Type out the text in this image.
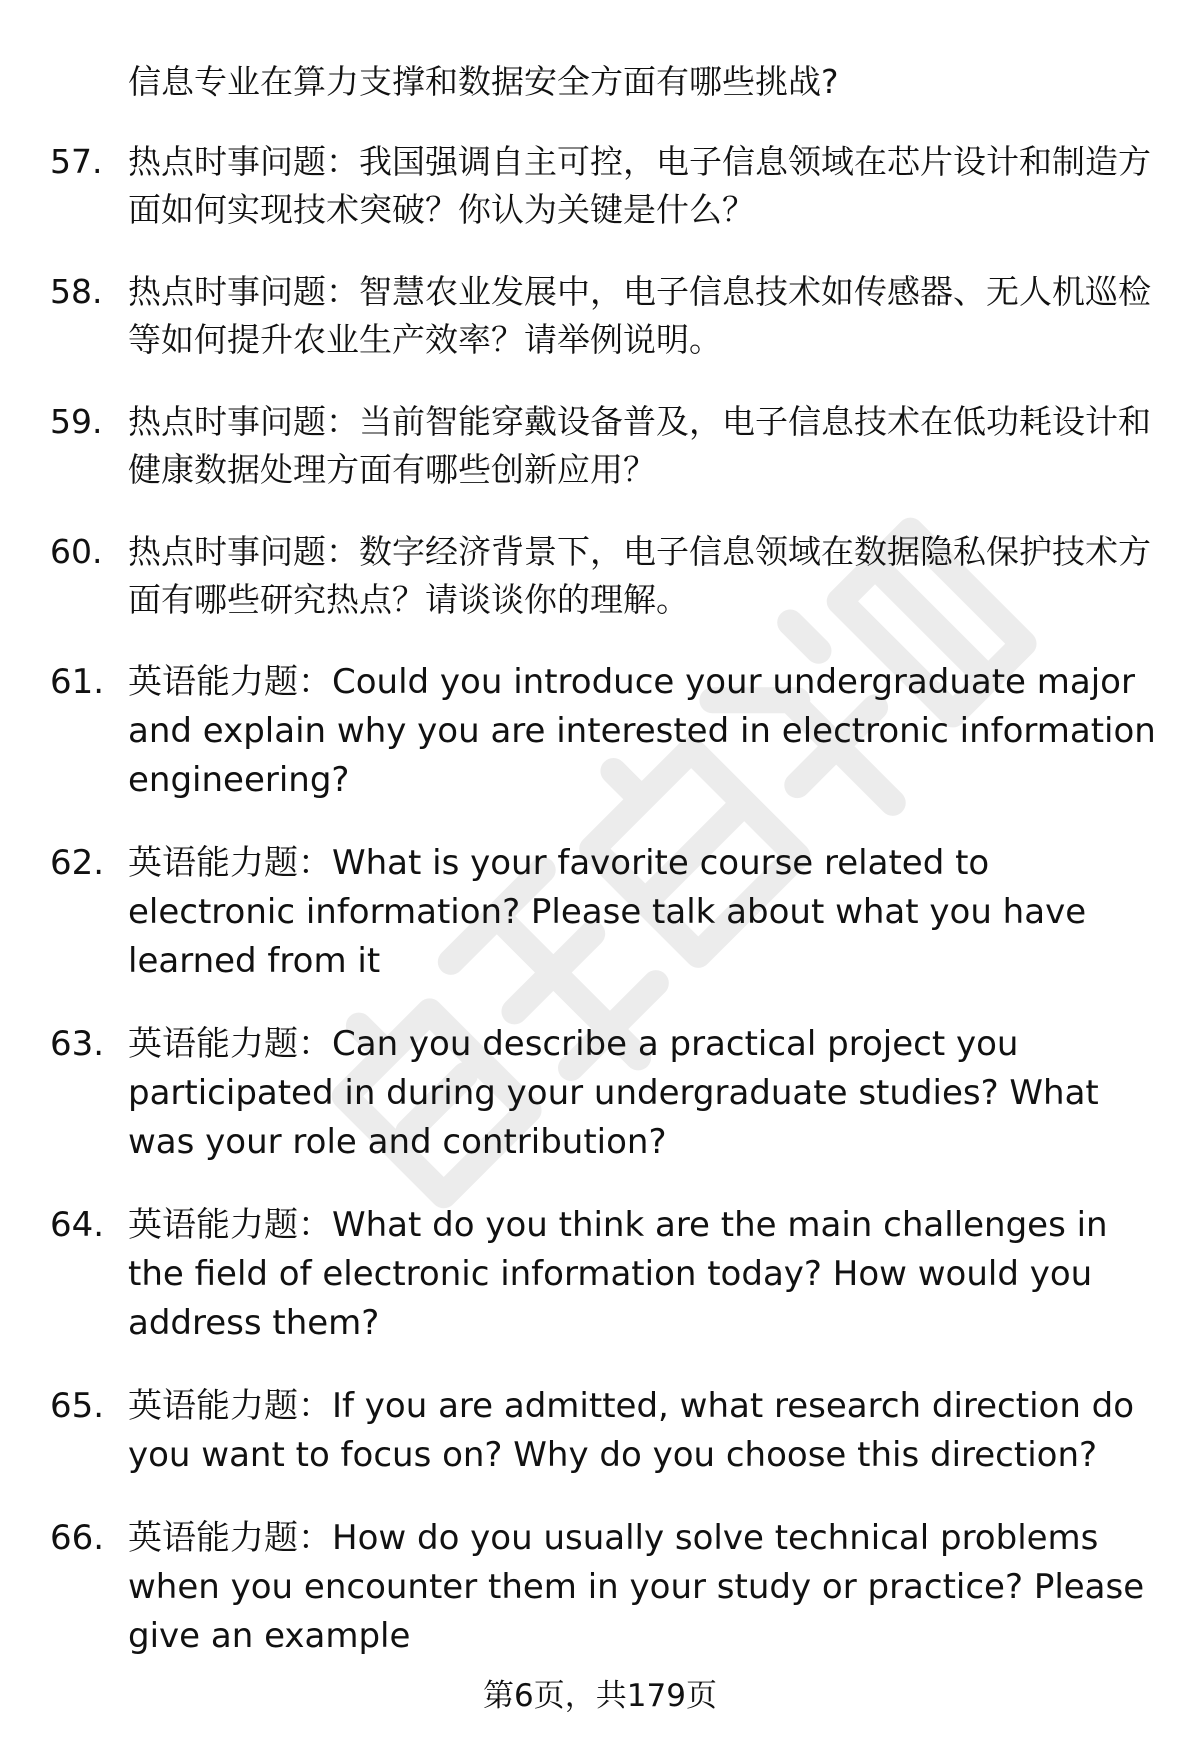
信息专业在算力支撑和数据安全方面有哪些挑战?

57. 热点时事问题：我国强调自主可控，电子信息领域在芯片设计和制造方面如何实现技术突破？你认为关键是什么？
58. 热点时事问题：智慧农业发展中，电子信息技术如传感器、无人机巡检等如何提升农业生产效率？请举例说明。
59. 热点时事问题：当前智能穿戴设备普及，电子信息技术在低功耗设计和健康数据处理方面有哪些创新应用？
60. 热点时事问题：数字经济背景下，电子信息领域在数据隐私保护技术方面有哪些研究热点？请谈谈你的理解。
61. 英语能力题：Could you introduce your undergraduate major and explain why you are interested in electronic information engineering?
62. 英语能力题：What is your favorite course related to electronic information? Please talk about what you have learned from it
63. 英语能力题：Can you describe a practical project you participated in during your undergraduate studies? What was your role and contribution?
64. 英语能力题：What do you think are the main challenges in the field of electronic information today? How would you address them?
65. 英语能力题：If you are admitted, what research direction do you want to focus on? Why do you choose this direction?
66. 英语能力题：How do you usually solve technical problems when you encounter them in your study or practice? Please give an example
第6页，共179页
